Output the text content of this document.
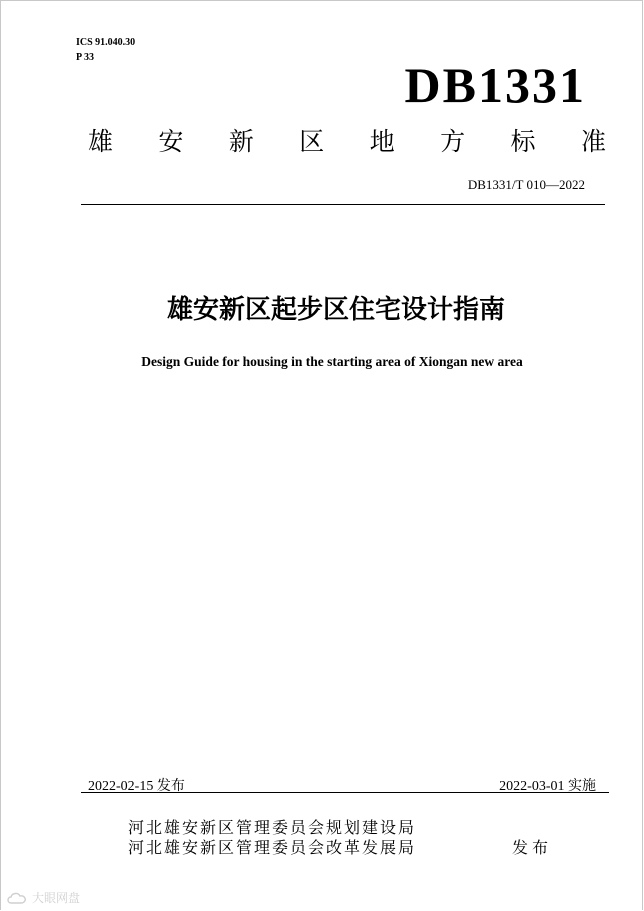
ICS 91.040.30
P 33	DB1331
雄 安 新 区 地 方 标 准
DB1331/T 010—2022
雄安新区起步区住宅设计指南
Design Guide for housing in the starting area of Xiongan new area
2022-02-15 发布	2022-03-01 实施
河北雄安新区管理委员会规划建设局
河北雄安新区管理委员会改革发展局	发布
大眼网盘
